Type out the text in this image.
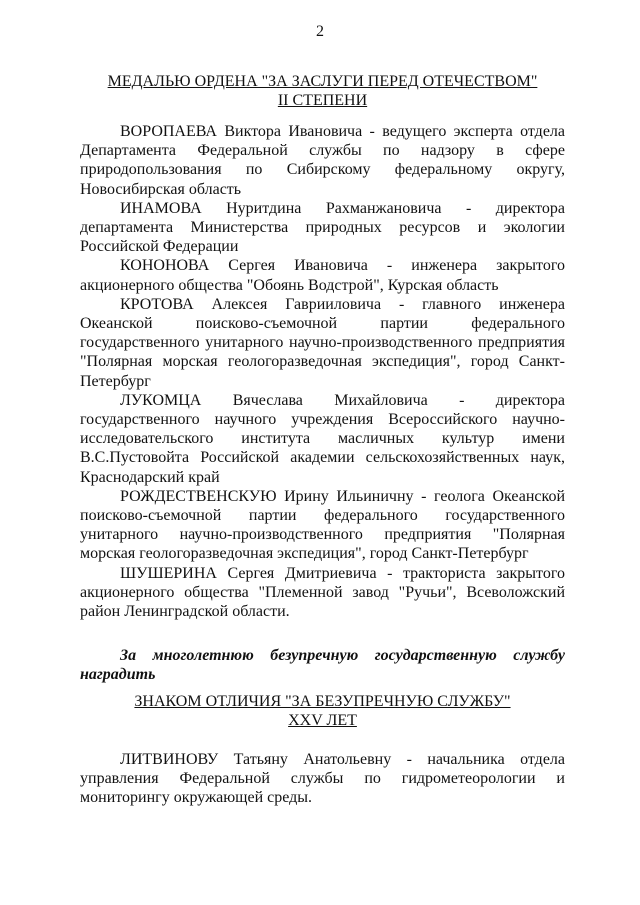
2
МЕДАЛЬЮ ОРДЕНА "ЗА ЗАСЛУГИ ПЕРЕД ОТЕЧЕСТВОМ"
II СТЕПЕНИ

ВОРОПАЕВА Виктора Ивановича - ведущего эксперта отдела Департамента Федеральной службы по надзору в сфере природопользования по Сибирскому федеральному округу, Новосибирская область

ИНАМОВА Нуритдина Рахманжановича - директора департамента Министерства природных ресурсов и экологии Российской Федерации

КОНОНОВА Сергея Ивановича - инженера закрытого акционерного общества "Обоянь Водстрой", Курская область

КРОТОВА Алексея Гаврииловича - главного инженера Океанской поисково-съемочной партии федерального государственного унитарного научно-производственного предприятия "Полярная морская геологоразведочная экспедиция", город Санкт-Петербург

ЛУКОМЦА Вячеслава Михайловича - директора государственного научного учреждения Всероссийского научно-исследовательского института масличных культур имени В.С.Пустовойта Российской академии сельскохозяйственных наук, Краснодарский край

РОЖДЕСТВЕНСКУЮ Ирину Ильиничну - геолога Океанской поисково-съемочной партии федерального государственного унитарного научно-производственного предприятия "Полярная морская геологоразведочная экспедиция", город Санкт-Петербург

ШУШЕРИНА Сергея Дмитриевича - тракториста закрытого акционерного общества "Племенной завод "Ручьи", Всеволожский район Ленинградской области.

За многолетнюю безупречную государственную службу наградить

ЗНАКОМ ОТЛИЧИЯ "ЗА БЕЗУПРЕЧНУЮ СЛУЖБУ"
XXV ЛЕТ

ЛИТВИНОВУ Татьяну Анатольевну - начальника отдела управления Федеральной службы по гидрометеорологии и мониторингу окружающей среды.
